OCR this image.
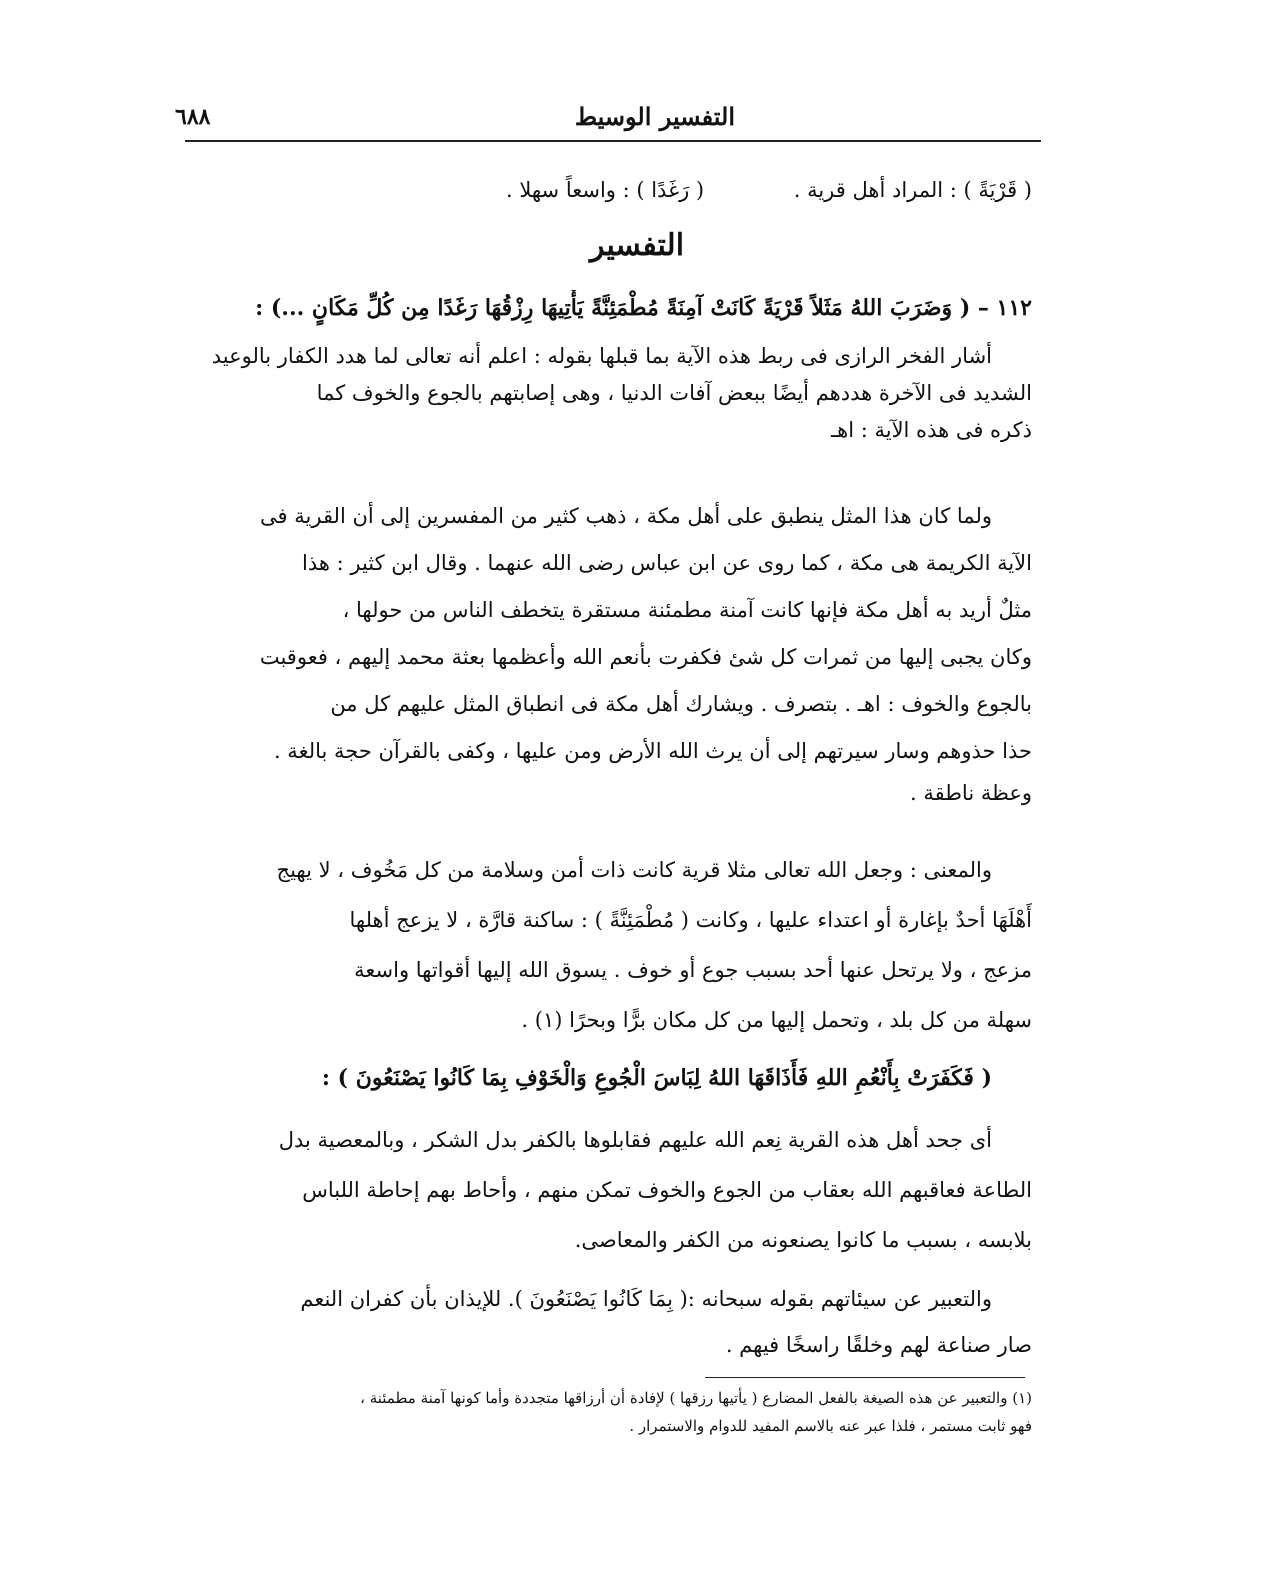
التفسير الوسيط
٦٨٨
( قَرْيَةً ) : المراد أهل قرية .
( رَغَدًا ) : واسعاً سهلا .
التفسير
١١٢ – ( وَضَرَبَ اللهُ مَثَلاً قَرْيَةً كَانَتْ آمِنَةً مُطْمَئِنَّةً يَأْتِيهَا رِزْقُهَا رَغَدًا مِن كُلِّ مَكَانٍ ...) :
أشار الفخر الرازى فى ربط هذه الآية بما قبلها بقوله : اعلم أنه تعالى لما هدد الكفار بالوعيد
الشديد فى الآخرة هددهم أيضًا ببعض آفات الدنيا ، وهى إصابتهم بالجوع والخوف كما
ذكره فى هذه الآية : اهـ
ولما كان هذا المثل ينطبق على أهل مكة ، ذهب كثير من المفسرين إلى أن القرية فى
الآية الكريمة هى مكة ، كما روى عن ابن عباس رضى الله عنهما . وقال ابن كثير : هذا
مثلٌ أريد به أهل مكة فإنها كانت آمنة مطمئنة مستقرة يتخطف الناس من حولها ،
وكان يجبى إليها من ثمرات كل شئ فكفرت بأنعم الله وأعظمها بعثة محمد إليهم ، فعوقبت
بالجوع والخوف : اهـ . بتصرف . ويشارك أهل مكة فى انطباق المثل عليهم كل من
حذا حذوهم وسار سيرتهم إلى أن يرث الله الأرض ومن عليها ، وكفى بالقرآن حجة بالغة .
وعظة ناطقة .
والمعنى : وجعل الله تعالى مثلا قرية كانت ذات أمن وسلامة من كل مَخُوف ، لا يهيج
أَهْلَهَا أحدٌ بإغارة أو اعتداء عليها ، وكانت ( مُطْمَئِنَّةً ) : ساكنة قارَّة ، لا يزعج أهلها
مزعج ، ولا يرتحل عنها أحد بسبب جوع أو خوف . يسوق الله إليها أقواتها واسعة
سهلة من كل بلد ، وتحمل إليها من كل مكان برًّا وبحرًا (١) .
( فَكَفَرَتْ بِأَنْعُمِ اللهِ فَأَذَاقَهَا اللهُ لِبَاسَ الْجُوعِ وَالْخَوْفِ بِمَا كَانُوا يَصْنَعُونَ ) :
أى جحد أهل هذه القرية نِعم الله عليهم فقابلوها بالكفر بدل الشكر ، وبالمعصية بدل
الطاعة فعاقبهم الله بعقاب من الجوع والخوف تمكن منهم ، وأحاط بهم إحاطة اللباس
بلابسه ، بسبب ما كانوا يصنعونه من الكفر والمعاصى.
والتعبير عن سيئاتهم بقوله سبحانه :( بِمَا كَانُوا يَصْنَعُونَ ). للإيذان بأن كفران النعم
صار صناعة لهم وخلقًا راسخًا فيهم .
(١) والتعبير عن هذه الصيغة بالفعل المضارع ( يأتيها رزقها ) لإفادة أن أرزاقها متجددة وأما كونها آمنة مطمئنة ،
فهو ثابت مستمر ، فلذا عبر عنه بالاسم المفيد للدوام والاستمرار .
